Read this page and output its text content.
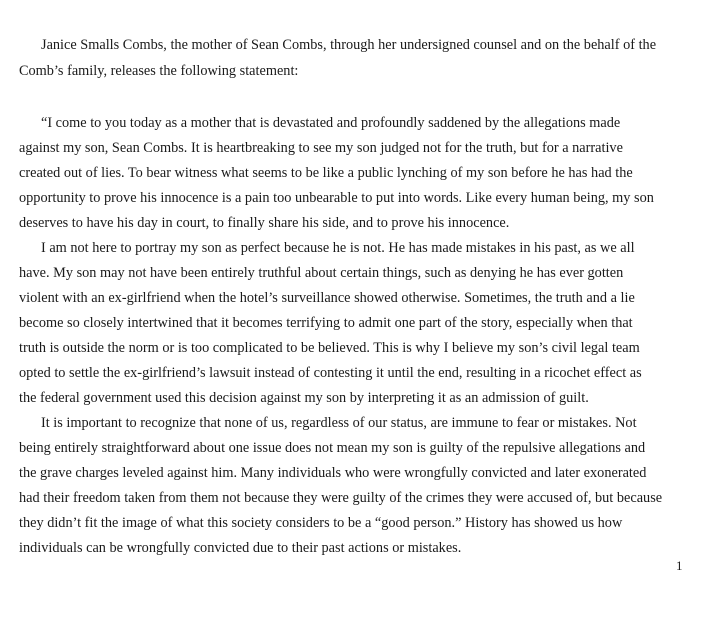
Janice Smalls Combs, the mother of Sean Combs, through her undersigned counsel and on the behalf of the
Comb’s family, releases the following statement:
“I come to you today as a mother that is devastated and profoundly saddened by the allegations made
against my son, Sean Combs. It is heartbreaking to see my son judged not for the truth, but for a narrative
created out of lies. To bear witness what seems to be like a public lynching of my son before he has had the
opportunity to prove his innocence is a pain too unbearable to put into words. Like every human being, my son
deserves to have his day in court, to finally share his side, and to prove his innocence.
I am not here to portray my son as perfect because he is not. He has made mistakes in his past, as we all
have. My son may not have been entirely truthful about certain things, such as denying he has ever gotten
violent with an ex-girlfriend when the hotel’s surveillance showed otherwise. Sometimes, the truth and a lie
become so closely intertwined that it becomes terrifying to admit one part of the story, especially when that
truth is outside the norm or is too complicated to be believed. This is why I believe my son’s civil legal team
opted to settle the ex-girlfriend’s lawsuit instead of contesting it until the end, resulting in a ricochet effect as
the federal government used this decision against my son by interpreting it as an admission of guilt.
It is important to recognize that none of us, regardless of our status, are immune to fear or mistakes. Not
being entirely straightforward about one issue does not mean my son is guilty of the repulsive allegations and
the grave charges leveled against him. Many individuals who were wrongfully convicted and later exonerated
had their freedom taken from them not because they were guilty of the crimes they were accused of, but because
they didn’t fit the image of what this society considers to be a “good person.” History has showed us how
individuals can be wrongfully convicted due to their past actions or mistakes.
1
